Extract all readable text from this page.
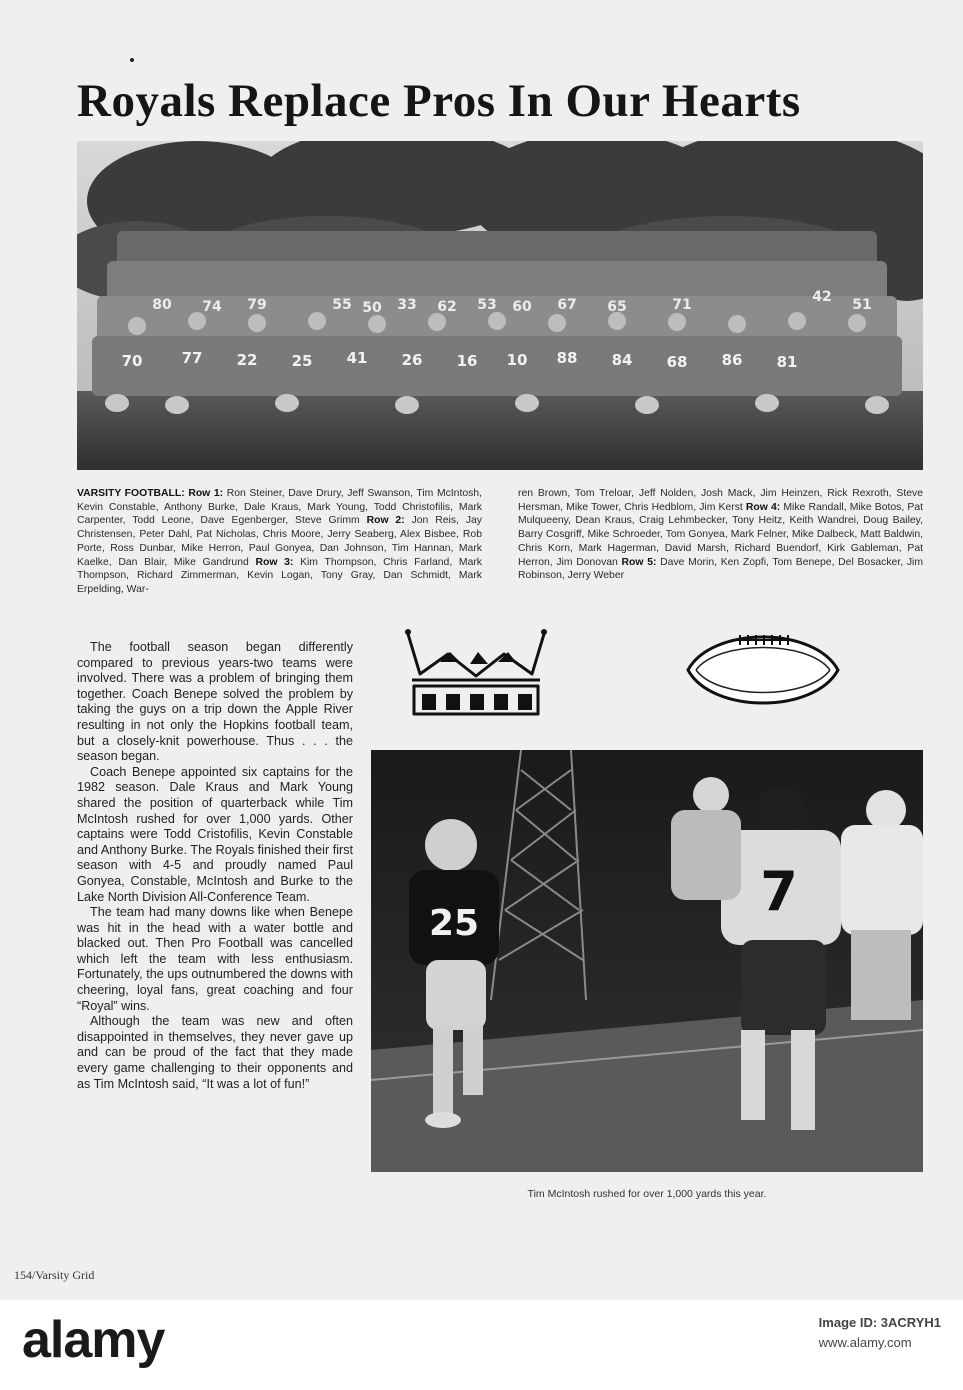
Royals Replace Pros In Our Hearts
70	77 22 25 41 26 16 10 88 84 68 86 81
80 74 79	55 50 33 62 53 60 67 65	71	42 51
VARSITY FOOTBALL: Row 1: Ron Steiner, Dave Drury, Jeff Swanson, Tim McIntosh, Kevin Constable, Anthony Burke, Dale Kraus, Mark Young, Todd Christofilis, Mark Carpenter, Todd Leone, Dave Egenberger, Steve Grimm Row 2: Jon Reis, Jay Christensen, Peter Dahl, Pat Nicholas, Chris Moore, Jerry Seaberg, Alex Bisbee, Rob Porte, Ross Dunbar, Mike Herron, Paul Gonyea, Dan Johnson, Tim Hannan, Mark Kaelke, Dan Blair, Mike Gandrund Row 3: Kim Thompson, Chris Farland, Mark Thompson, Richard Zimmerman, Kevin Logan, Tony Gray, Dan Schmidt, Mark Erpelding, War-
ren Brown, Tom Treloar, Jeff Nolden, Josh Mack, Jim Heinzen, Rick Rexroth, Steve Hersman, Mike Tower, Chris Hedblom, Jim Kerst Row 4: Mike Randall, Mike Botos, Pat Mulqueeny, Dean Kraus, Craig Lehmbecker, Tony Heitz, Keith Wandrei, Doug Bailey, Barry Cosgriff, Mike Schroeder, Tom Gonyea, Mark Felner, Mike Dalbeck, Matt Baldwin, Chris Korn, Mark Hagerman, David Marsh, Richard Buendorf, Kirk Gableman, Pat Herron, Jim Donovan Row 5: Dave Morin, Ken Zopfi, Tom Benepe, Del Bosacker, Jim Robinson, Jerry Weber

The football season began differently compared to previous years-two teams were involved. There was a problem of bringing them together. Coach Benepe solved the problem by taking the guys on a trip down the Apple River resulting in not only the Hopkins football team, but a closely-knit powerhouse. Thus . . . the season began.

Coach Benepe appointed six captains for the 1982 season. Dale Kraus and Mark Young shared the position of quarterback while Tim McIntosh rushed for over 1,000 yards. Other captains were Todd Cristofilis, Kevin Constable and Anthony Burke. The Royals finished their first season with 4-5 and proudly named Paul Gonyea, Constable, McIntosh and Burke to the Lake North Division All-Conference Team.

The team had many downs like when Benepe was hit in the head with a water bottle and blacked out. Then Pro Football was cancelled which left the team with less enthusiasm. Fortunately, the ups outnumbered the downs with cheering, loyal fans, great coaching and four “Royal” wins.

Although the team was new and often disappointed in themselves, they never gave up and can be proud of the fact that they made every game challenging to their opponents and as Tim McIntosh said, “It was a lot of fun!”

25
7
Tim McIntosh rushed for over 1,000 yards this year.
154/Varsity Grid
alamy	Image ID: 3ACRYH1
www.alamy.com
